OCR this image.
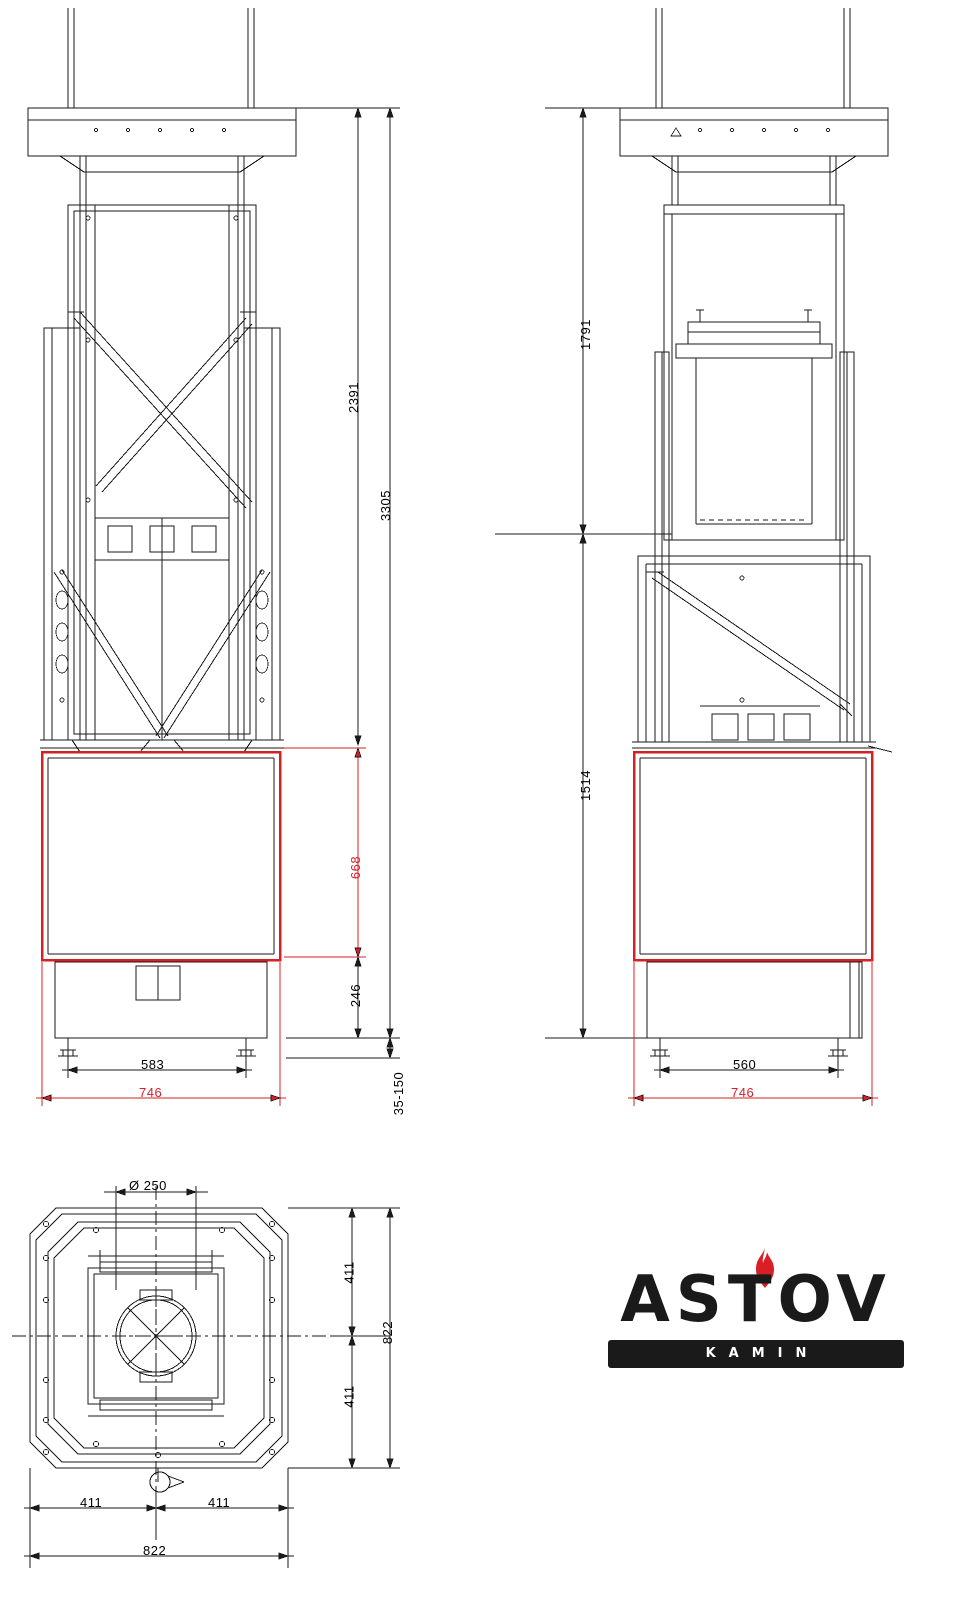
2391
3305
668
246
35-150
583
746
1791
1514
560
746
Ø 250
411
822
411
411	411
822
ASTOV
KAMIN
